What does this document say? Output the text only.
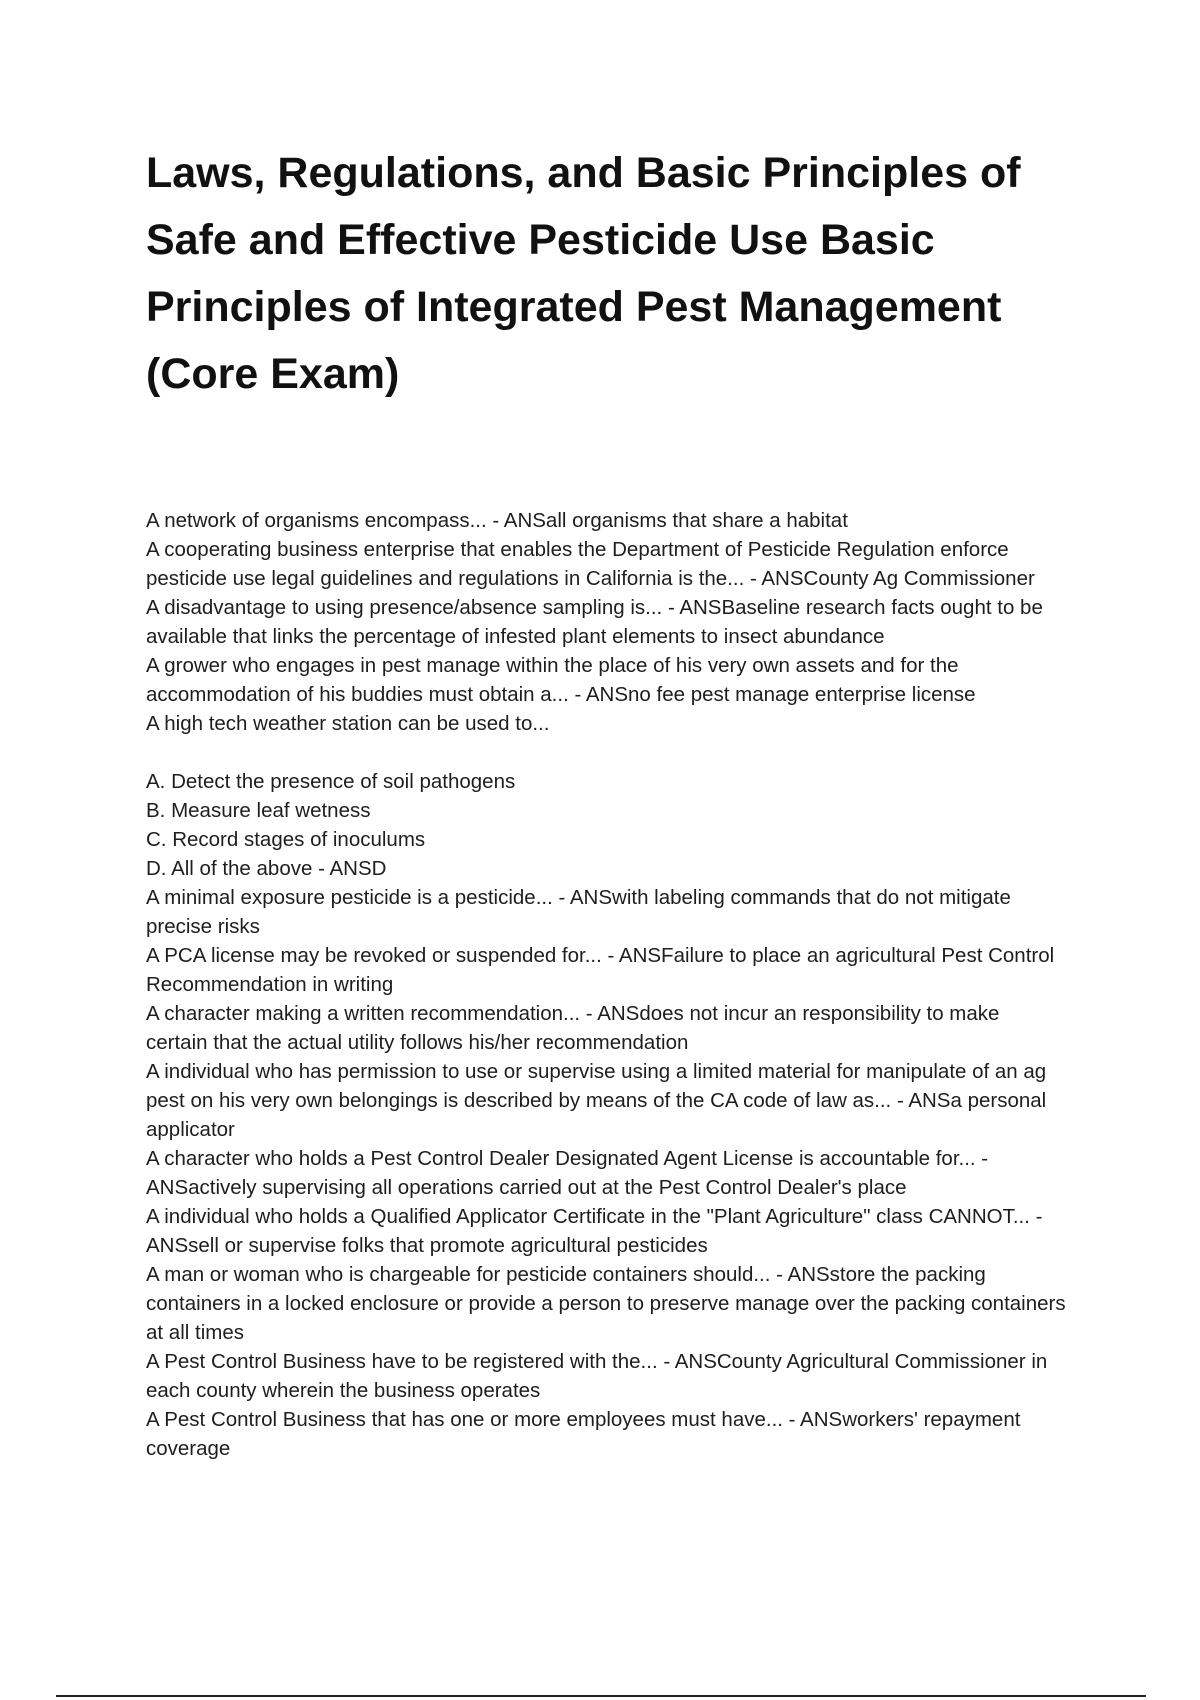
Laws, Regulations, and Basic Principles of Safe and Effective Pesticide Use Basic Principles of Integrated Pest Management (Core Exam)

A network of organisms encompass... - ANSall organisms that share a habitat

A cooperating business enterprise that enables the Department of Pesticide Regulation enforce pesticide use legal guidelines and regulations in California is the... - ANSCounty Ag Commissioner

A disadvantage to using presence/absence sampling is... - ANSBaseline research facts ought to be available that links the percentage of infested plant elements to insect abundance

A grower who engages in pest manage within the place of his very own assets and for the accommodation of his buddies must obtain a... - ANSno fee pest manage enterprise license

A high tech weather station can be used to...

A. Detect the presence of soil pathogens

B. Measure leaf wetness

C. Record stages of inoculums

D. All of the above - ANSD

A minimal exposure pesticide is a pesticide... - ANSwith labeling commands that do not mitigate precise risks

A PCA license may be revoked or suspended for... - ANSFailure to place an agricultural Pest Control Recommendation in writing

A character making a written recommendation... - ANSdoes not incur an responsibility to make certain that the actual utility follows his/her recommendation

A individual who has permission to use or supervise using a limited material for manipulate of an ag pest on his very own belongings is described by means of the CA code of law as... - ANSa personal applicator

A character who holds a Pest Control Dealer Designated Agent License is accountable for... - ANSactively supervising all operations carried out at the Pest Control Dealer's place

A individual who holds a Qualified Applicator Certificate in the "Plant Agriculture" class CANNOT... - ANSsell or supervise folks that promote agricultural pesticides

A man or woman who is chargeable for pesticide containers should... - ANSstore the packing containers in a locked enclosure or provide a person to preserve manage over the packing containers at all times

A Pest Control Business have to be registered with the... - ANSCounty Agricultural Commissioner in each county wherein the business operates

A Pest Control Business that has one or more employees must have... - ANSworkers' repayment coverage
